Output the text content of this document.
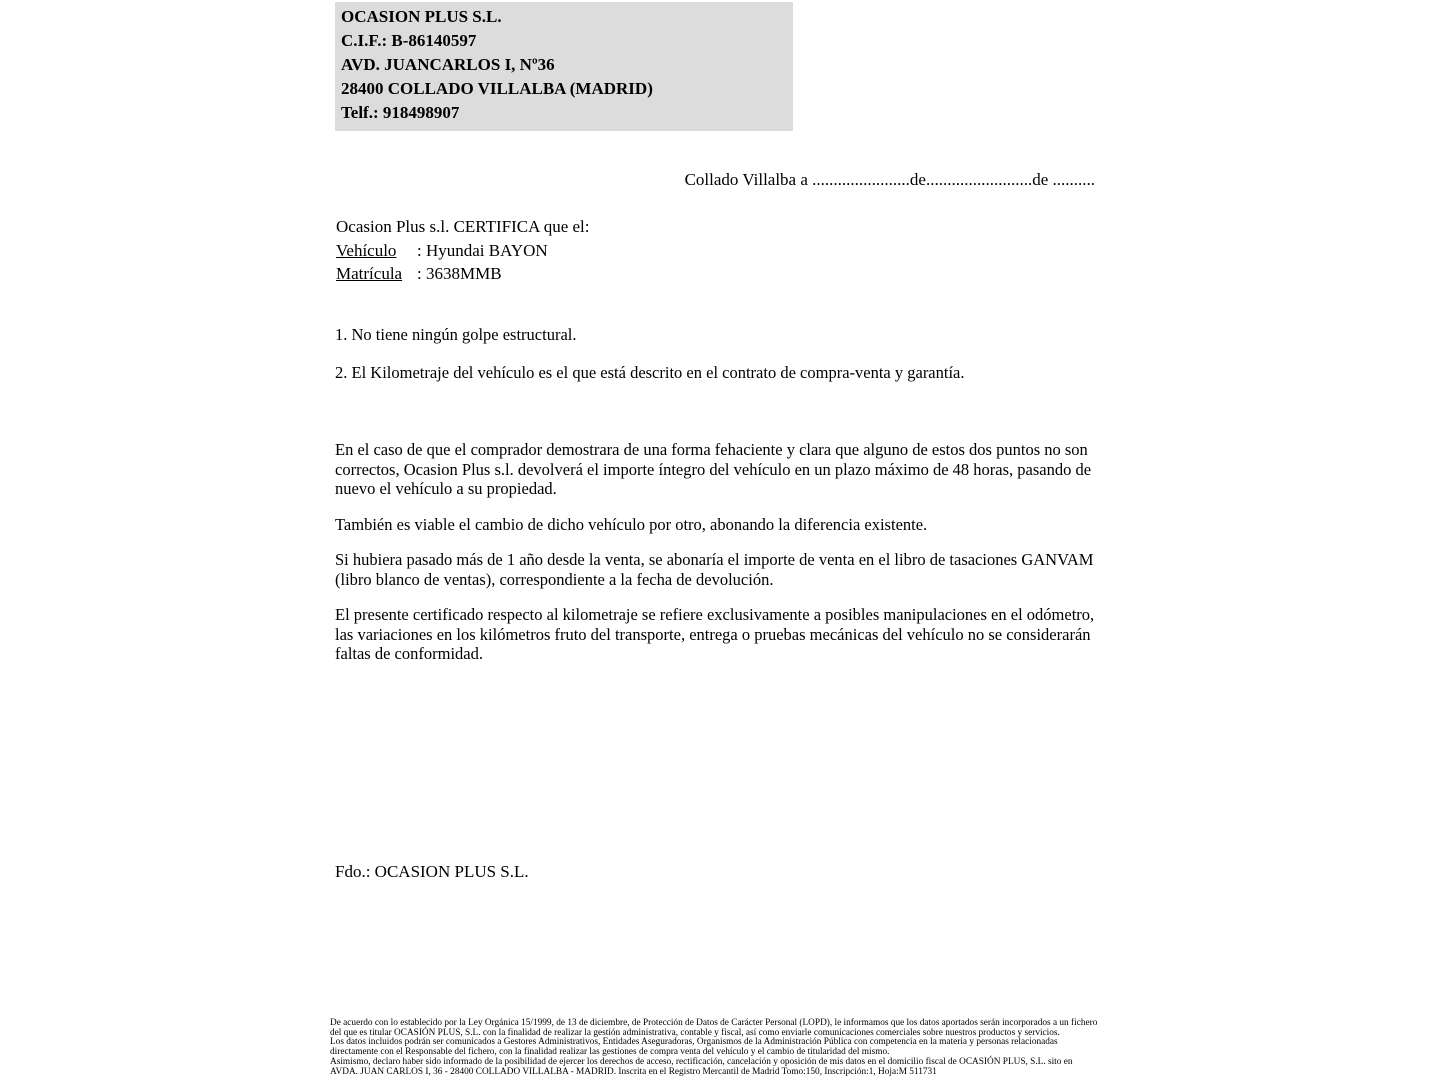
OCASION PLUS S.L.
C.I.F.: B-86140597
AVD. JUANCARLOS I, Nº36
28400 COLLADO VILLALBA (MADRID)
Telf.: 918498907
Collado Villalba a .......................de.........................de ..........
Ocasion Plus s.l. CERTIFICA que el:
Vehículo : Hyundai BAYON
Matrícula : 3638MMB

1. No tiene ningún golpe estructural.

2. El Kilometraje del vehículo es el que está descrito en el contrato de compra-venta y garantía.

En el caso de que el comprador demostrara de una forma fehaciente y clara que alguno de estos dos puntos no son correctos, Ocasion Plus s.l. devolverá el importe íntegro del vehículo en un plazo máximo de 48 horas, pasando de nuevo el vehículo a su propiedad.

También es viable el cambio de dicho vehículo por otro, abonando la diferencia existente.

Si hubiera pasado más de 1 año desde la venta, se abonaría el importe de venta en el libro de tasaciones GANVAM (libro blanco de ventas), correspondiente a la fecha de devolución.

El presente certificado respecto al kilometraje se refiere exclusivamente a posibles manipulaciones en el odómetro, las variaciones en los kilómetros fruto del transporte, entrega o pruebas mecánicas del vehículo no se considerarán faltas de conformidad.

Fdo.: OCASION PLUS S.L.
De acuerdo con lo establecido por la Ley Orgánica 15/1999, de 13 de diciembre, de Protección de Datos de Carácter Personal (LOPD), le informamos que los datos aportados serán incorporados a un fichero del que es titular OCASIÓN PLUS, S.L. con la finalidad de realizar la gestión administrativa, contable y fiscal, así como enviarle comunicaciones comerciales sobre nuestros productos y servicios.
Los datos incluidos podrán ser comunicados a Gestores Administrativos, Entidades Aseguradoras, Organismos de la Administración Pública con competencia en la materia y personas relacionadas directamente con el Responsable del fichero, con la finalidad realizar las gestiones de compra venta del vehículo y el cambio de titularidad del mismo.
Asimismo, declaro haber sido informado de la posibilidad de ejercer los derechos de acceso, rectificación, cancelación y oposición de mis datos en el domicilio fiscal de OCASIÓN PLUS, S.L. sito en AVDA. JUAN CARLOS I, 36 - 28400 COLLADO VILLALBA - MADRID. Inscrita en el Registro Mercantil de Madrid Tomo:150, Inscripción:1, Hoja:M 511731
